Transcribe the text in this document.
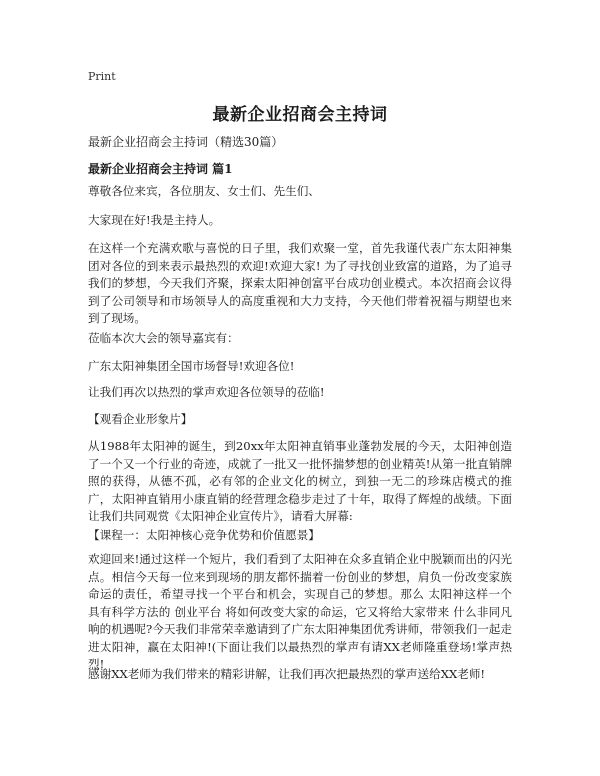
Print
最新企业招商会主持词

最新企业招商会主持词（精选30篇）

最新企业招商会主持词 篇1

尊敬各位来宾，各位朋友、女士们、先生们、

大家现在好!我是主持人。

在这样一个充满欢歌与喜悦的日子里，我们欢聚一堂，首先我谨代表广东太阳神集团对各位的到来表示最热烈的欢迎!欢迎大家! 为了寻找创业致富的道路，为了追寻我们的梦想，今天我们齐聚，探索太阳神创富平台成功创业模式。本次招商会议得到了公司领导和市场领导人的高度重视和大力支持，今天他们带着祝福与期望也来到了现场。

莅临本次大会的领导嘉宾有：

广东太阳神集团全国市场督导!欢迎各位!

让我们再次以热烈的掌声欢迎各位领导的莅临!

【观看企业形象片】

从1988年太阳神的诞生，到20xx年太阳神直销事业蓬勃发展的今天，太阳神创造了一个又一个行业的奇迹，成就了一批又一批怀揣梦想的创业精英!从第一批直销牌照的获得，从德不孤，必有邻的企业文化的树立，到独一无二的珍珠店模式的推广，太阳神直销用小康直销的经营理念稳步走过了十年，取得了辉煌的战绩。下面让我们共同观赏《太阳神企业宣传片》，请看大屏幕:

【课程一：太阳神核心竞争优势和价值愿景】

欢迎回来!通过这样一个短片，我们看到了太阳神在众多直销企业中脱颖而出的闪光点。相信今天每一位来到现场的朋友都怀揣着一份创业的梦想，肩负一份改变家族命运的责任，希望寻找一个平台和机会，实现自己的梦想。那么 太阳神这样一个 具有科学方法的 创业平台 将如何改变大家的命运，它又将给大家带来 什么非同凡响的机遇呢?今天我们非常荣幸邀请到了广东太阳神集团优秀讲师，带领我们一起走进太阳神，赢在太阳神!(下面让我们以最热烈的掌声有请XX老师隆重登场!掌声热烈!

感谢XX老师为我们带来的精彩讲解，让我们再次把最热烈的掌声送给XX老师!
